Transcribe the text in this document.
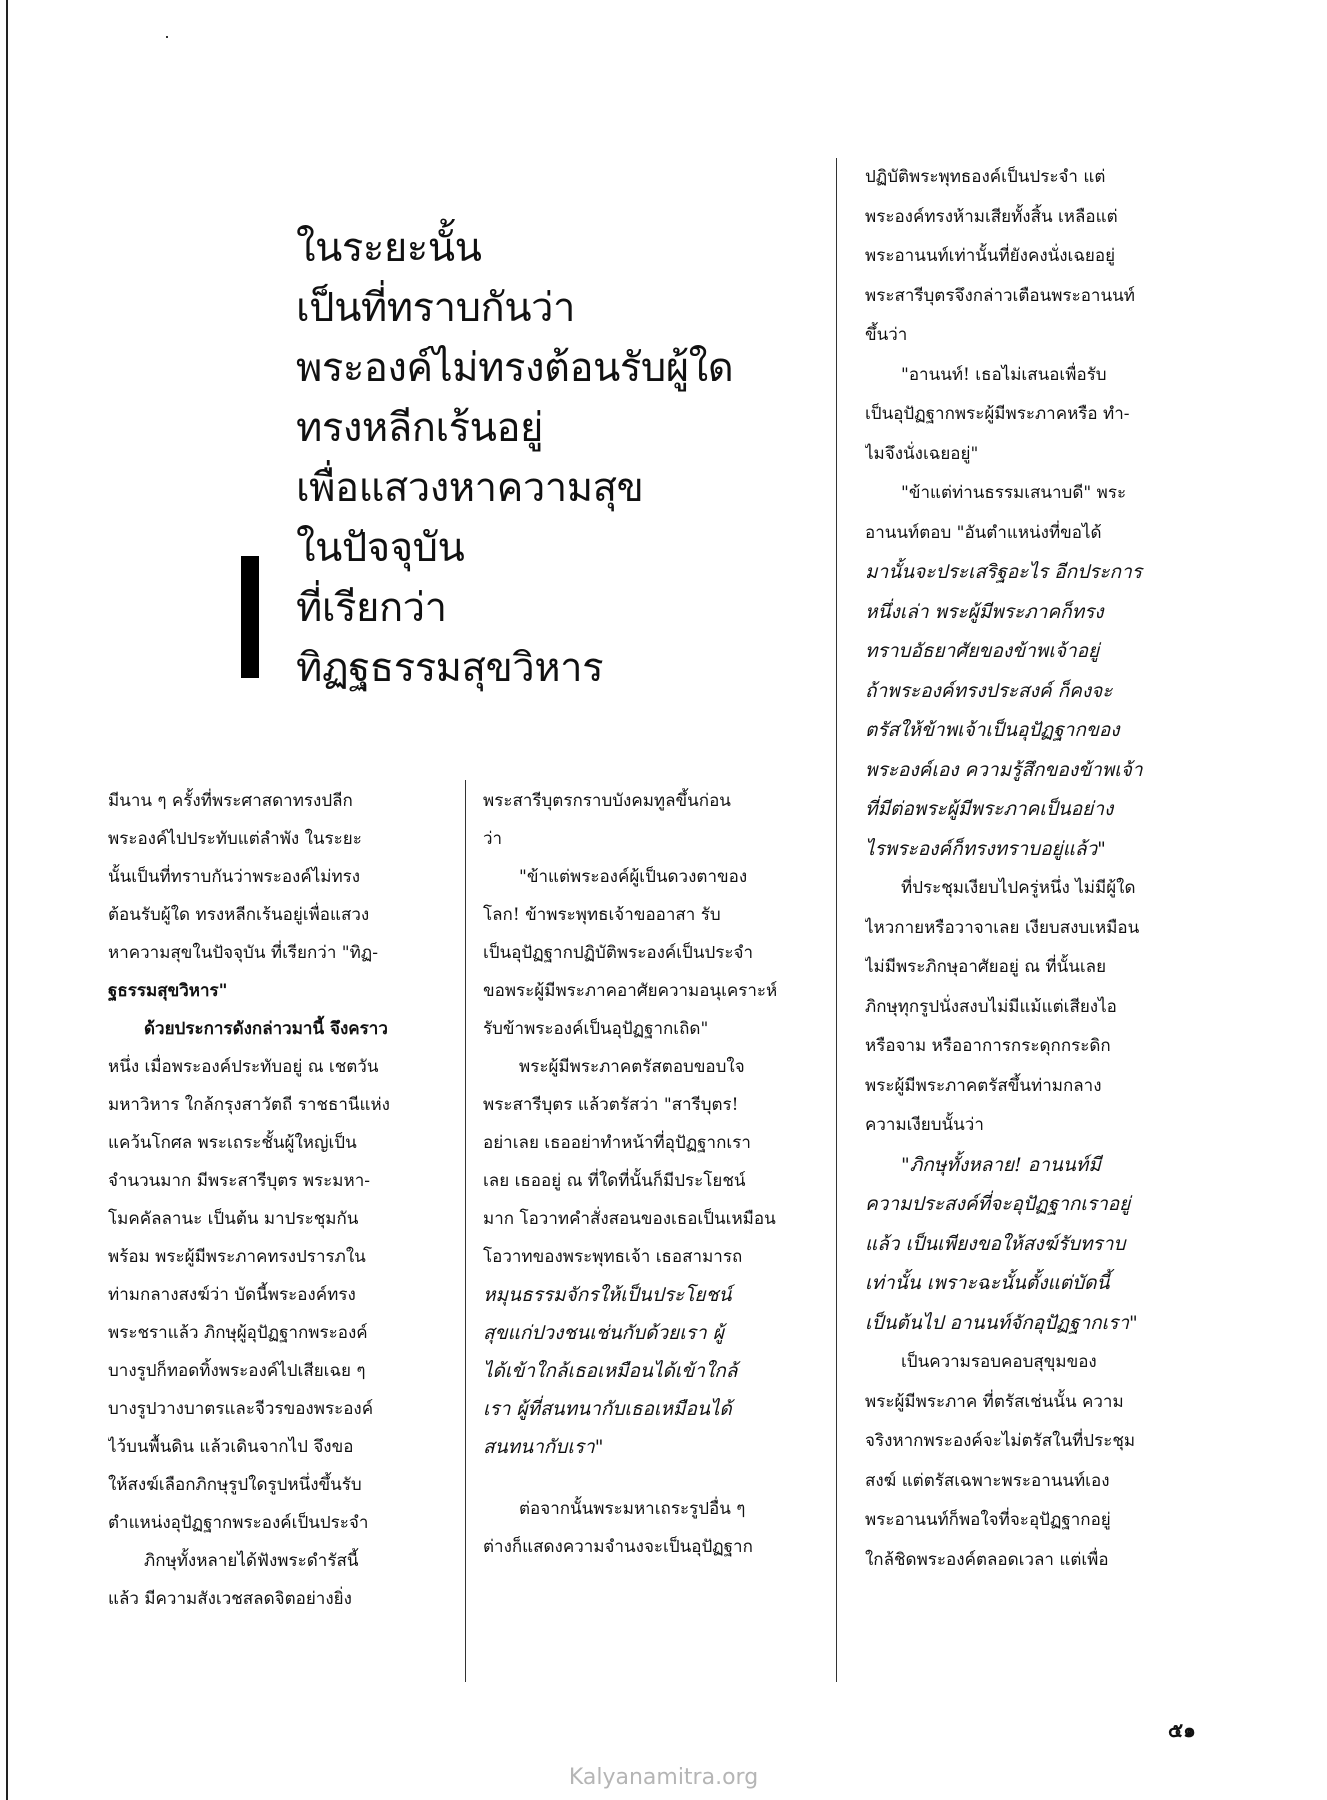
ในระยะนั้น
เป็นที่ทราบกันว่า
พระองค์ไม่ทรงต้อนรับผู้ใด
ทรงหลีกเร้นอยู่
เพื่อแสวงหาความสุข
ในปัจจุบัน
ที่เรียกว่า
ทิฏฐธรรมสุขวิหาร
มีนาน ๆ ครั้งที่พระศาสดาทรงปลีก
พระองค์ไปประทับแต่ลำพัง ในระยะ
นั้นเป็นที่ทราบกันว่าพระองค์ไม่ทรง
ต้อนรับผู้ใด ทรงหลีกเร้นอยู่เพื่อแสวง
หาความสุขในปัจจุบัน ที่เรียกว่า "ทิฏ-
ฐธรรมสุขวิหาร"
ด้วยประการดังกล่าวมานี้ จึงคราว
หนึ่ง เมื่อพระองค์ประทับอยู่ ณ เชตวัน
มหาวิหาร ใกล้กรุงสาวัตถี ราชธานีแห่ง
แคว้นโกศล พระเถระชั้นผู้ใหญ่เป็น
จำนวนมาก มีพระสารีบุตร พระมหา-
โมคคัลลานะ เป็นต้น มาประชุมกัน
พร้อม พระผู้มีพระภาคทรงปรารภใน
ท่ามกลางสงฆ์ว่า บัดนี้พระองค์ทรง
พระชราแล้ว ภิกษุผู้อุปัฏฐากพระองค์
บางรูปก็ทอดทิ้งพระองค์ไปเสียเฉย ๆ
บางรูปวางบาตรและจีวรของพระองค์
ไว้บนพื้นดิน แล้วเดินจากไป จึงขอ
ให้สงฆ์เลือกภิกษุรูปใดรูปหนึ่งขึ้นรับ
ตำแหน่งอุปัฏฐากพระองค์เป็นประจำ
ภิกษุทั้งหลายได้ฟังพระดำรัสนี้
แล้ว มีความสังเวชสลดจิตอย่างยิ่ง
พระสารีบุตรกราบบังคมทูลขึ้นก่อน
ว่า
"ข้าแต่พระองค์ผู้เป็นดวงตาของ
โลก! ข้าพระพุทธเจ้าขออาสา รับ
เป็นอุปัฏฐากปฏิบัติพระองค์เป็นประจำ
ขอพระผู้มีพระภาคอาศัยความอนุเคราะห์
รับข้าพระองค์เป็นอุปัฏฐากเถิด"
พระผู้มีพระภาคตรัสตอบขอบใจ
พระสารีบุตร แล้วตรัสว่า "สารีบุตร!
อย่าเลย เธออย่าทำหน้าที่อุปัฏฐากเรา
เลย เธออยู่ ณ ที่ใดที่นั้นก็มีประโยชน์
มาก โอวาทคำสั่งสอนของเธอเป็นเหมือน
โอวาทของพระพุทธเจ้า เธอสามารถ
หมุนธรรมจักรให้เป็นประโยชน์
สุขแก่ปวงชนเช่นกับด้วยเรา ผู้
ได้เข้าใกล้เธอเหมือนได้เข้าใกล้
เรา ผู้ที่สนทนากับเธอเหมือนได้
สนทนากับเรา"
ต่อจากนั้นพระมหาเถระรูปอื่น ๆ
ต่างก็แสดงความจำนงจะเป็นอุปัฏฐาก
ปฏิบัติพระพุทธองค์เป็นประจำ แต่
พระองค์ทรงห้ามเสียทั้งสิ้น เหลือแต่
พระอานนท์เท่านั้นที่ยังคงนั่งเฉยอยู่
พระสารีบุตรจึงกล่าวเตือนพระอานนท์
ขึ้นว่า
"อานนท์! เธอไม่เสนอเพื่อรับ
เป็นอุปัฏฐากพระผู้มีพระภาคหรือ ทำ-
ไมจึงนั่งเฉยอยู่"
"ข้าแต่ท่านธรรมเสนาบดี" พระ
อานนท์ตอบ "อันตำแหน่งที่ขอได้
มานั้นจะประเสริฐอะไร อีกประการ
หนึ่งเล่า พระผู้มีพระภาคก็ทรง
ทราบอัธยาศัยของข้าพเจ้าอยู่
ถ้าพระองค์ทรงประสงค์ ก็คงจะ
ตรัสให้ข้าพเจ้าเป็นอุปัฏฐากของ
พระองค์เอง ความรู้สึกของข้าพเจ้า
ที่มีต่อพระผู้มีพระภาคเป็นอย่าง
ไรพระองค์ก็ทรงทราบอยู่แล้ว"
ที่ประชุมเงียบไปครู่หนึ่ง ไม่มีผู้ใด
ไหวกายหรือวาจาเลย เงียบสงบเหมือน
ไม่มีพระภิกษุอาศัยอยู่ ณ ที่นั้นเลย
ภิกษุทุกรูปนั่งสงบไม่มีแม้แต่เสียงไอ
หรือจาม หรืออาการกระดุกกระดิก
พระผู้มีพระภาคตรัสขึ้นท่ามกลาง
ความเงียบนั้นว่า
"ภิกษุทั้งหลาย! อานนท์มี
ความประสงค์ที่จะอุปัฏฐากเราอยู่
แล้ว เป็นเพียงขอให้สงฆ์รับทราบ
เท่านั้น เพราะฉะนั้นตั้งแต่บัดนี้
เป็นต้นไป อานนท์จักอุปัฏฐากเรา"
เป็นความรอบคอบสุขุมของ
พระผู้มีพระภาค ที่ตรัสเช่นนั้น ความ
จริงหากพระองค์จะไม่ตรัสในที่ประชุม
สงฆ์ แต่ตรัสเฉพาะพระอานนท์เอง
พระอานนท์ก็พอใจที่จะอุปัฏฐากอยู่
ใกล้ชิดพระองค์ตลอดเวลา แต่เพื่อ
๕๑
Kalyanamitra.org
